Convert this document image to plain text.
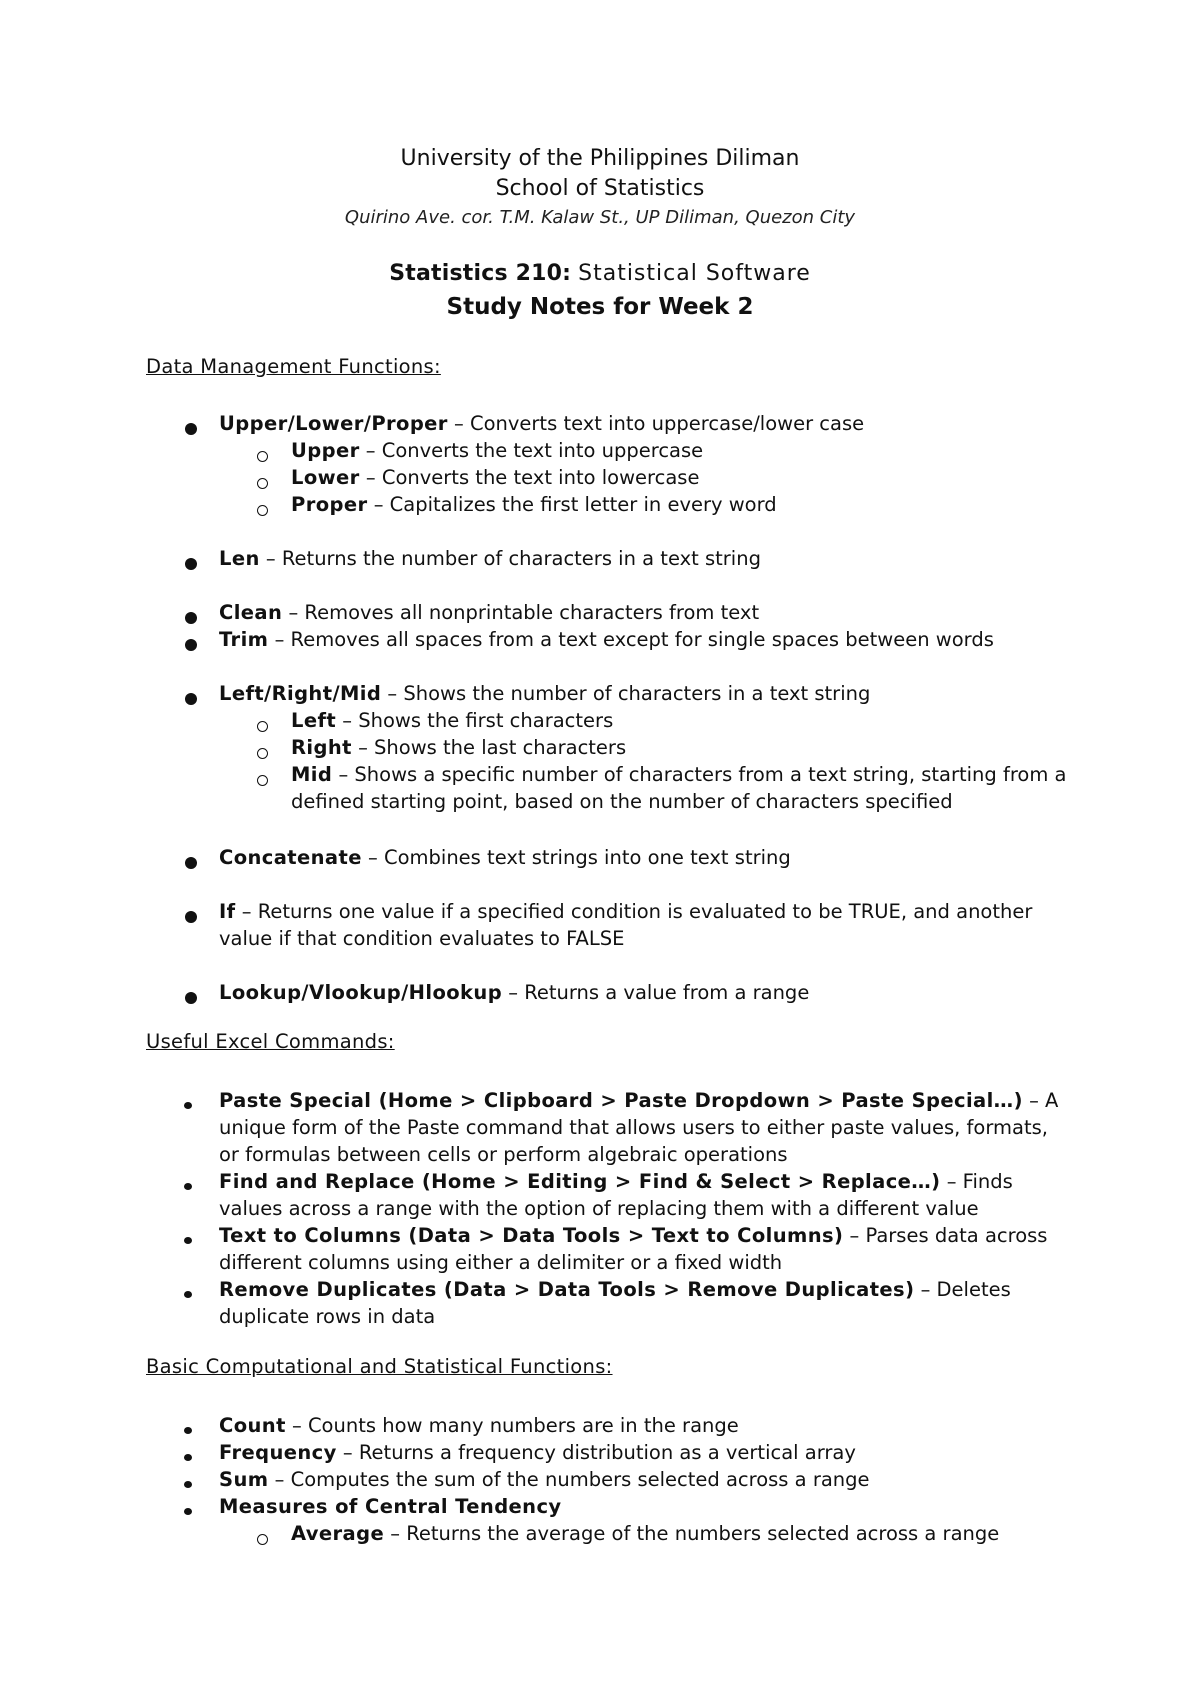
University of the Philippines Diliman
School of Statistics
Quirino Ave. cor. T.M. Kalaw St., UP Diliman, Quezon City
Statistics 210: Statistical Software
Study Notes for Week 2
Data Management Functions:
Upper/Lower/Proper – Converts text into uppercase/lower case
Upper – Converts the text into uppercase
Lower – Converts the text into lowercase
Proper – Capitalizes the first letter in every word
Len – Returns the number of characters in a text string
Clean – Removes all nonprintable characters from text
Trim – Removes all spaces from a text except for single spaces between words
Left/Right/Mid – Shows the number of characters in a text string
Left – Shows the first characters
Right – Shows the last characters
Mid – Shows a specific number of characters from a text string, starting from a defined starting point, based on the number of characters specified
Concatenate – Combines text strings into one text string
If – Returns one value if a specified condition is evaluated to be TRUE, and another value if that condition evaluates to FALSE
Lookup/Vlookup/Hlookup – Returns a value from a range
Useful Excel Commands:
Paste Special (Home > Clipboard > Paste Dropdown > Paste Special…) – A unique form of the Paste command that allows users to either paste values, formats, or formulas between cells or perform algebraic operations
Find and Replace (Home > Editing > Find & Select > Replace…) – Finds values across a range with the option of replacing them with a different value
Text to Columns (Data > Data Tools > Text to Columns) – Parses data across different columns using either a delimiter or a fixed width
Remove Duplicates (Data > Data Tools > Remove Duplicates) – Deletes duplicate rows in data
Basic Computational and Statistical Functions:
Count – Counts how many numbers are in the range
Frequency – Returns a frequency distribution as a vertical array
Sum – Computes the sum of the numbers selected across a range
Measures of Central Tendency
Average – Returns the average of the numbers selected across a range
